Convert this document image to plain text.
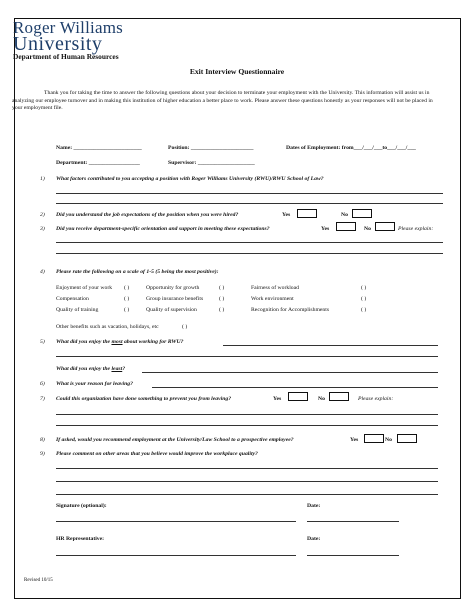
Roger Williams
University
Department of Human Resources
Exit Interview Questionnaire
Thank you for taking the time to answer the following questions about your decision to terminate your employment with the University. This information will assist us in analyzing our employee turnover and in making this institution of higher education a better place to work. Please answer these questions honestly as your responses will not be placed in your employment file.
Name: ________________________	Position: ______________________	Dates of Employment: from___/___/___to___/___/___
Department: __________________	Supervisor: ____________________
1) What factors contributed to you accepting a position with Roger Williams University (RWU)/RWU School of Law?
2) Did you understand the job expectations of the position when you were hired?	Yes	No
3) Did you receive department-specific orientation and support in meeting these expectations?	Yes	No	Please explain:
4) Please rate the following on a scale of 1-5 (5 being the most positive):
Enjoyment of your work ( )	Opportunity for growth	( )	Fairness of workload	( )
Compensation	( )	Group insurance benefits	( )	Work environment	( )
Quality of training	( )	Quality of supervision	( )	Recognition for Accomplishments	( )
Other benefits such as vacation, holidays, etc	( )
5) What did you enjoy the most about working for RWU?
What did you enjoy the least?
6) What is your reason for leaving?
7) Could this organization have done something to prevent you from leaving?	Yes	No	Please explain:
8) If asked, would you recommend employment at the University/Law School to a prospective employee?	Yes	No
9) Please comment on other areas that you believe would improve the workplace quality?
Signature (optional):	Date:
HR Representative:	Date:
Revised 10/15
